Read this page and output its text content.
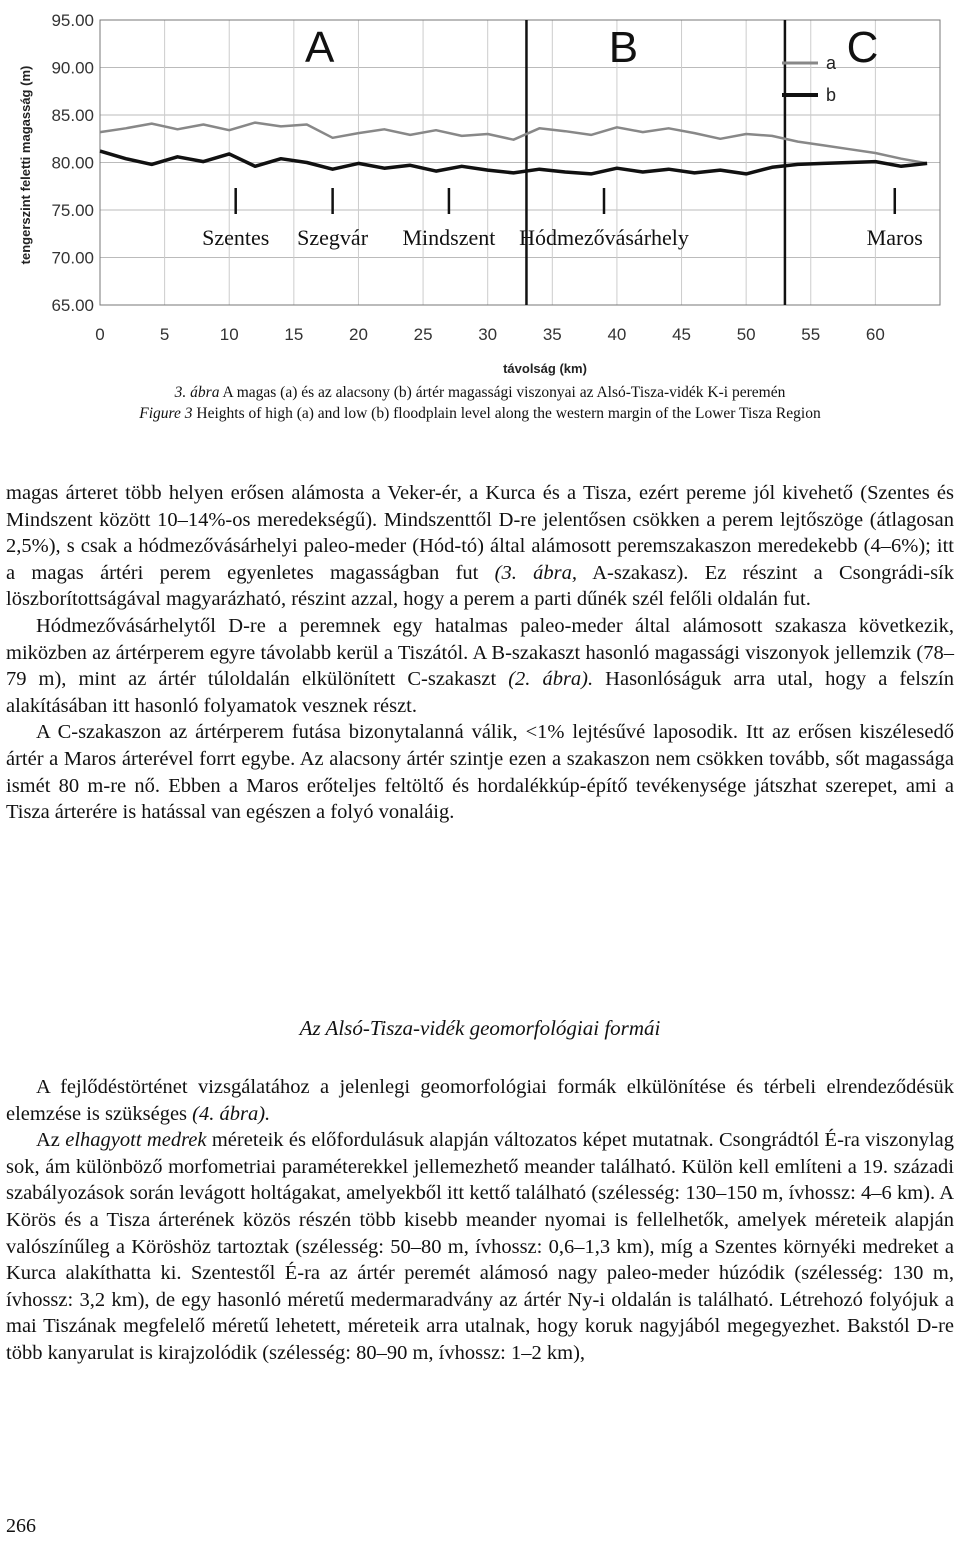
65.00
70.00
75.00
80.00
85.00
90.00
95.00
0	5	10	15	20	25	30	35	40	45	50	55	60
A	B	C
Szentes Szegvár Mindszent Hódmezővásárhely	Maros
a
b
tengerszint feletti magasság (m)
távolság (km)
3. ábra A magas (a) és az alacsony (b) ártér magassági viszonyai az Alsó-Tisza-vidék K-i peremén
Figure 3 Heights of high (a) and low (b) floodplain level along the western margin of the Lower Tisza Region

magas árteret több helyen erősen alámosta a Veker-ér, a Kurca és a Tisza, ezért pereme jól kivehető (Szentes és Mindszent között 10–14%-os meredekségű). Mindszenttől D-re jelentősen csökken a perem lejtőszöge (átlagosan 2,5%), s csak a hódmezővásárhelyi paleo-meder (Hód-tó) által alámosott peremszakaszon meredekebb (4–6%); itt a magas ártéri perem egyenletes magasságban fut (3. ábra, A-szakasz). Ez részint a Csongrádi-sík löszborítottságával magyarázható, részint azzal, hogy a perem a parti dűnék szél felőli oldalán fut.

Hódmezővásárhelytől D-re a peremnek egy hatalmas paleo-meder által alámosott szakasza következik, miközben az ártérperem egyre távolabb kerül a Tiszától. A B-szakaszt hasonló magassági viszonyok jellemzik (78–79 m), mint az ártér túloldalán elkülönített C-szakaszt (2. ábra). Hasonlóságuk arra utal, hogy a felszín alakításában itt hasonló folyamatok vesznek részt.

A C-szakaszon az ártérperem futása bizonytalanná válik, <1% lejtésűvé laposodik. Itt az erősen kiszélesedő ártér a Maros árterével forrt egybe. Az alacsony ártér szintje ezen a szakaszon nem csökken tovább, sőt magassága ismét 80 m-re nő. Ebben a Maros erőteljes feltöltő és hordalékkúp-építő tevékenysége játszhat szerepet, ami a Tisza árterére is hatással van egészen a folyó vonaláig.

Az Alsó-Tisza-vidék geomorfológiai formái

A fejlődéstörténet vizsgálatához a jelenlegi geomorfológiai formák elkülönítése és térbeli elrendeződésük elemzése is szükséges (4. ábra).

Az elhagyott medrek méreteik és előfordulásuk alapján változatos képet mutatnak. Csongrádtól É-ra viszonylag sok, ám különböző morfometriai paraméterekkel jellemezhető meander található. Külön kell említeni a 19. századi szabályozások során levágott holtágakat, amelyekből itt kettő található (szélesség: 130–150 m, ívhossz: 4–6 km). A Körös és a Tisza árterének közös részén több kisebb meander nyomai is fellelhetők, amelyek méreteik alapján valószínűleg a Köröshöz tartoztak (szélesség: 50–80 m, ívhossz: 0,6–1,3 km), míg a Szentes környéki medreket a Kurca alakíthatta ki. Szentestől É-ra az ártér peremét alámosó nagy paleo-meder húzódik (szélesség: 130 m, ívhossz: 3,2 km), de egy hasonló méretű medermaradvány az ártér Ny-i oldalán is található. Létrehozó folyójuk a mai Tiszának megfelelő méretű lehetett, méreteik arra utalnak, hogy koruk nagyjából megegyezhet. Bakstól D-re több kanyarulat is kirajzolódik (szélesség: 80–90 m, ívhossz: 1–2 km),

266
